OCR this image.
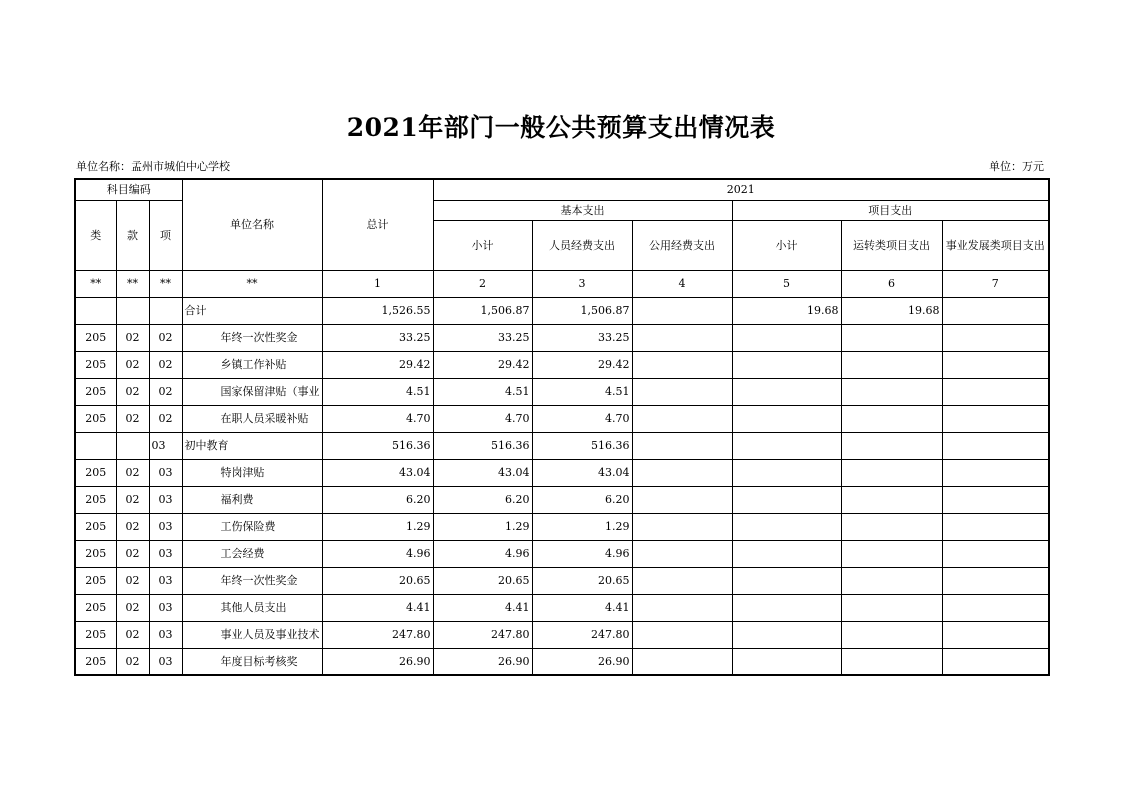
2021年部门一般公共预算支出情况表
单位名称：孟州市城伯中心学校	单位：万元
科目编码			单位名称	总计	2021					
类	款	项			基本支出			项目支出		
					小计	人员经费支出	公用经费支出	小计	运转类项目支出	事业发展类项目支出
**	**	**	**	1	2	3	4	5	6	7
			合计	1,526.55	1,506.87	1,506.87		19.68	19.68	
205	02	02	年终一次性奖金	33.25	33.25	33.25				
205	02	02	乡镇工作补贴	29.42	29.42	29.42				
205	02	02	国家保留津贴（事业	4.51	4.51	4.51				
205	02	02	在职人员采暖补贴	4.70	4.70	4.70				
		03	初中教育	516.36	516.36	516.36				
205	02	03	特岗津贴	43.04	43.04	43.04				
205	02	03	福利费	6.20	6.20	6.20				
205	02	03	工伤保险费	1.29	1.29	1.29				
205	02	03	工会经费	4.96	4.96	4.96				
205	02	03	年终一次性奖金	20.65	20.65	20.65				
205	02	03	其他人员支出	4.41	4.41	4.41				
205	02	03	事业人员及事业技术	247.80	247.80	247.80				
205	02	03	年度目标考核奖	26.90	26.90	26.90				
